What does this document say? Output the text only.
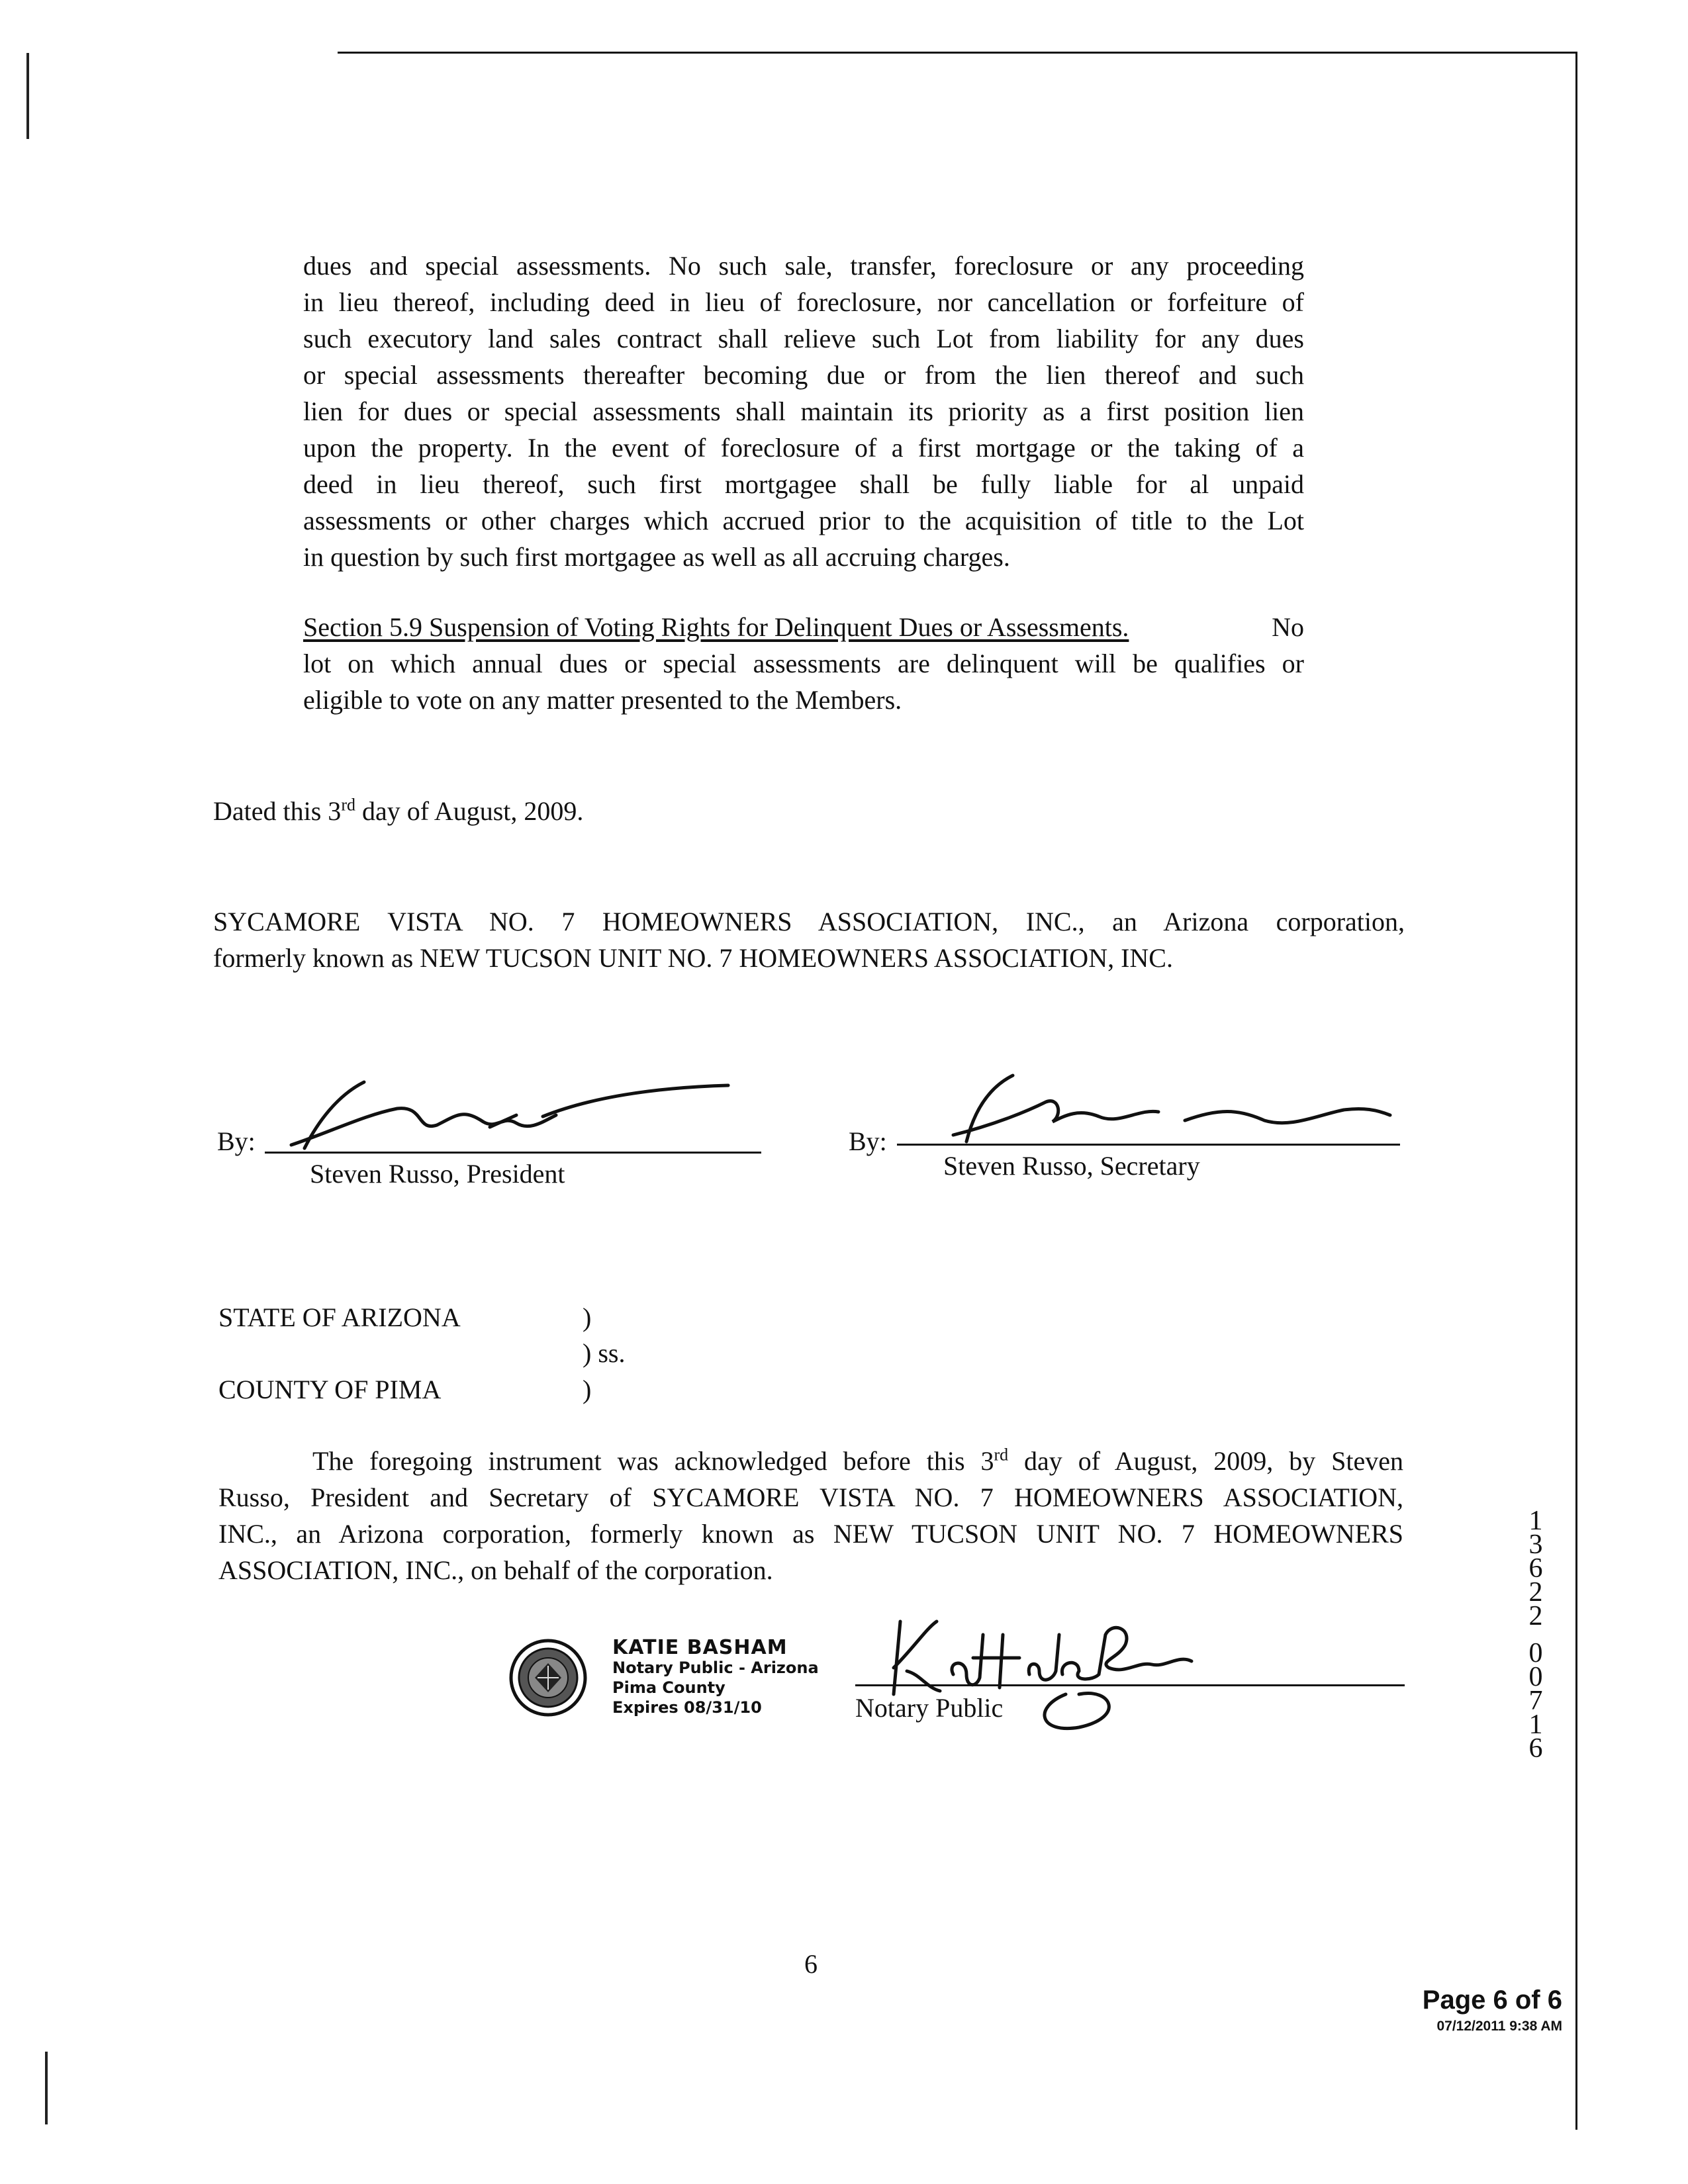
dues and special assessments. No such sale, transfer, foreclosure or any proceeding
in lieu thereof, including deed in lieu of foreclosure, nor cancellation or forfeiture of
such executory land sales contract shall relieve such Lot from liability for any dues
or special assessments thereafter becoming due or from the lien thereof and such
lien for dues or special assessments shall maintain its priority as a first position lien
upon the property. In the event of foreclosure of a first mortgage or the taking of a
deed in lieu thereof, such first mortgagee shall be fully liable for al unpaid
assessments or other charges which accrued prior to the acquisition of title to the Lot
in question by such first mortgagee as well as all accruing charges.
Section 5.9 Suspension of Voting Rights for Delinquent Dues or Assessments.	No
lot on which annual dues or special assessments are delinquent will be qualifies or
eligible to vote on any matter presented to the Members.
Dated this 3rd day of August, 2009.
SYCAMORE VISTA NO. 7 HOMEOWNERS ASSOCIATION, INC., an Arizona corporation,
formerly known as NEW TUCSON UNIT NO. 7 HOMEOWNERS ASSOCIATION, INC.
By:
Steven Russo, President
By:
Steven Russo, Secretary
STATE OF ARIZONA	)
) ss.
COUNTY OF PIMA	)
The foregoing instrument was acknowledged before this 3rd day of August, 2009, by Steven
Russo, President and Secretary of SYCAMORE VISTA NO. 7 HOMEOWNERS ASSOCIATION,
INC., an Arizona corporation, formerly known as NEW TUCSON UNIT NO. 7 HOMEOWNERS
ASSOCIATION, INC., on behalf of the corporation.
KATIE BASHAM
Notary Public - Arizona
Pima County
Expires 08/31/10	Notary Public
1
3
6
2
2
0
0
7
1
6
6
Page 6 of 6
07/12/2011 9:38 AM
